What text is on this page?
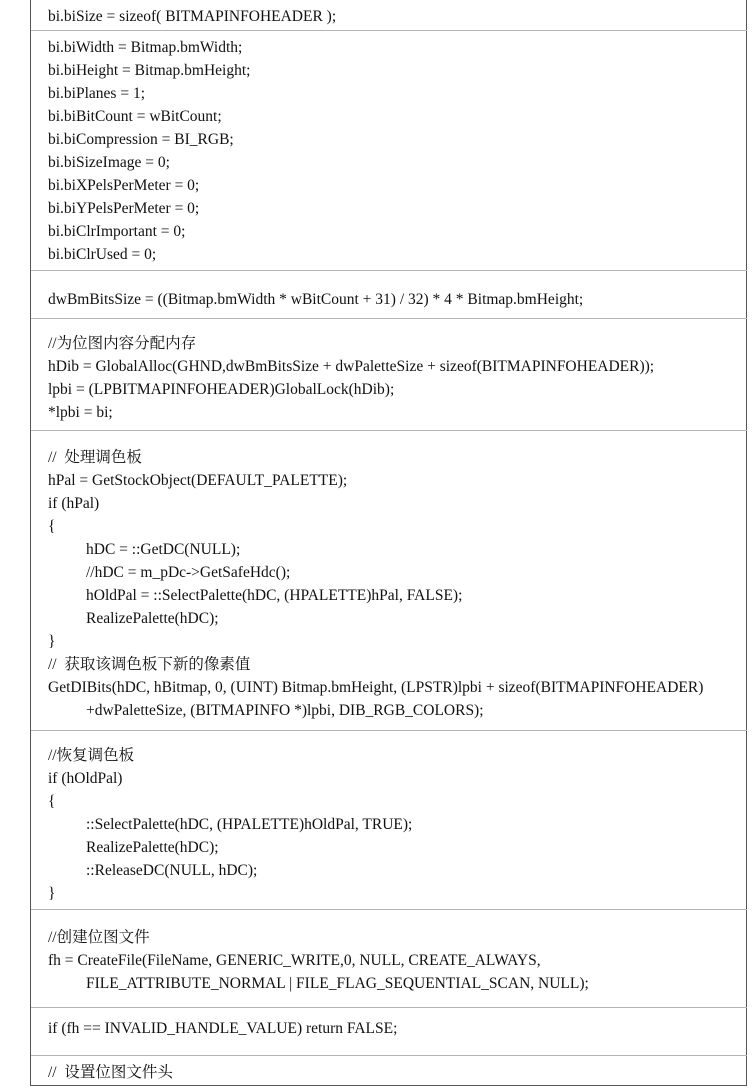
bi.biSize = sizeof( BITMAPINFOHEADER );
bi.biWidth = Bitmap.bmWidth;
bi.biHeight = Bitmap.bmHeight;
bi.biPlanes = 1;
bi.biBitCount = wBitCount;
bi.biCompression = BI_RGB;
bi.biSizeImage = 0;
bi.biXPelsPerMeter = 0;
bi.biYPelsPerMeter = 0;
bi.biClrImportant = 0;
bi.biClrUsed = 0;
dwBmBitsSize = ((Bitmap.bmWidth * wBitCount + 31) / 32) * 4 * Bitmap.bmHeight;
//为位图内容分配内存
hDib = GlobalAlloc(GHND,dwBmBitsSize + dwPaletteSize + sizeof(BITMAPINFOHEADER));
lpbi = (LPBITMAPINFOHEADER)GlobalLock(hDib);
*lpbi = bi;
//  处理调色板
hPal = GetStockObject(DEFAULT_PALETTE);
if (hPal)
{
hDC = ::GetDC(NULL);
//hDC = m_pDc->GetSafeHdc();
hOldPal = ::SelectPalette(hDC, (HPALETTE)hPal, FALSE);
RealizePalette(hDC);
}
//  获取该调色板下新的像素值
GetDIBits(hDC, hBitmap, 0, (UINT) Bitmap.bmHeight, (LPSTR)lpbi + sizeof(BITMAPINFOHEADER)
+dwPaletteSize, (BITMAPINFO *)lpbi, DIB_RGB_COLORS);
//恢复调色板
if (hOldPal)
{
::SelectPalette(hDC, (HPALETTE)hOldPal, TRUE);
RealizePalette(hDC);
::ReleaseDC(NULL, hDC);
}
//创建位图文件
fh = CreateFile(FileName, GENERIC_WRITE,0, NULL, CREATE_ALWAYS,
FILE_ATTRIBUTE_NORMAL | FILE_FLAG_SEQUENTIAL_SCAN, NULL);
if (fh == INVALID_HANDLE_VALUE) return FALSE;
//  设置位图文件头
